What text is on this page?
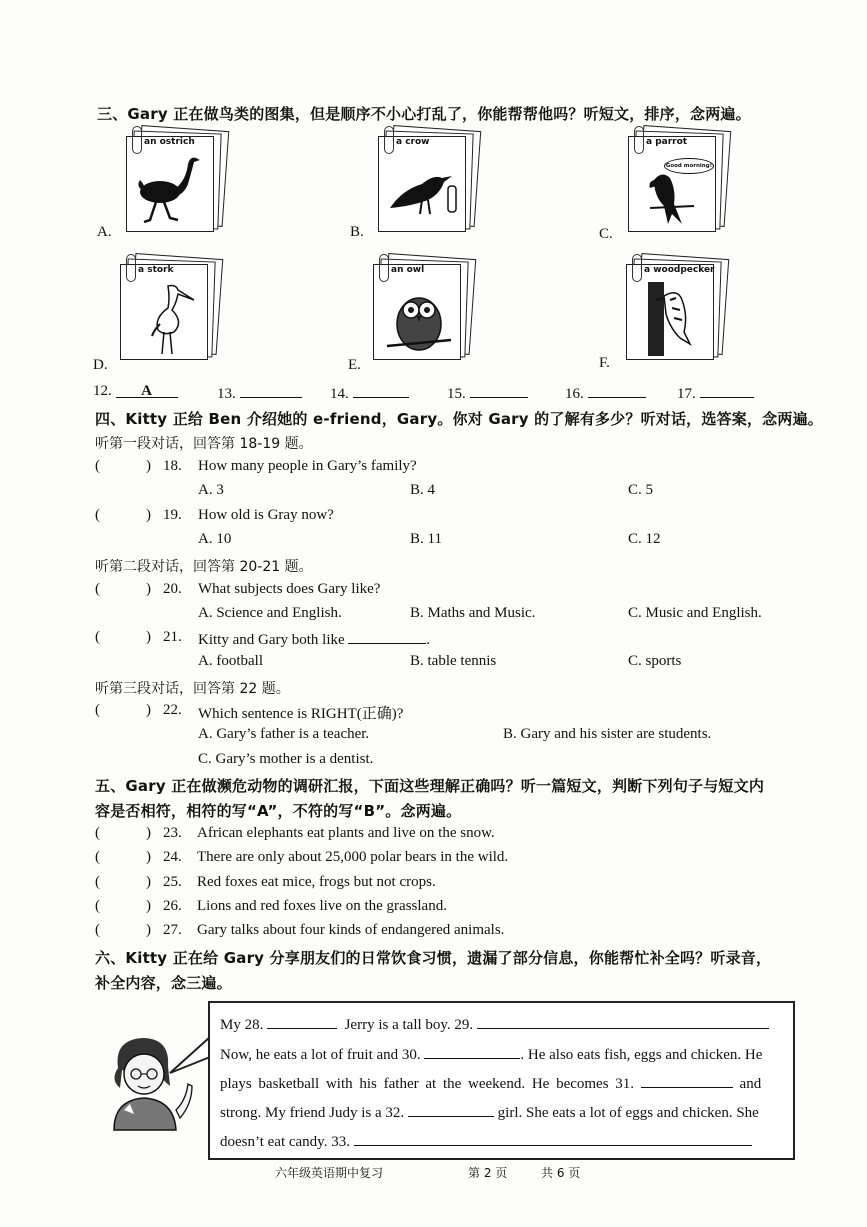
三、Gary 正在做鸟类的图集，但是顺序不小心打乱了，你能帮帮他吗？听短文，排序，念两遍。
an ostrich
A.
a crow
B.
a parrot
Good morning!
C.
a stork
D.
an owl
E.
a woodpecker
F.
12. A	13.	14.	15.	16.	17.
四、Kitty 正给 Ben 介绍她的 e-friend，Gary。你对 Gary 的了解有多少？听对话，选答案，念两遍。
听第一段对话，回答第 18-19 题。
(	) 18. How many people in Gary’s family?
A. 3	B. 4	C. 5
(	) 19. How old is Gray now?
A. 10	B. 11	C. 12
听第二段对话，回答第 20-21 题。
(	) 20. What subjects does Gary like?
A. Science and English.	B. Maths and Music.	C. Music and English.
(	) 21. Kitty and Gary both like	.
A. football	B. table tennis	C. sports
听第三段对话，回答第 22 题。
(	) 22. Which sentence is RIGHT(正确)?
A. Gary’s father is a teacher.	B. Gary and his sister are students.
C. Gary’s mother is a dentist.
五、Gary 正在做濒危动物的调研汇报，下面这些理解正确吗？听一篇短文，判断下列句子与短文内
容是否相符，相符的写“A”，不符的写“B”。念两遍。
(	) 23. African elephants eat plants and live on the snow.
(	) 24. There are only about 25,000 polar bears in the wild.
(	) 25. Red foxes eat mice, frogs but not crops.
(	) 26. Lions and red foxes live on the grassland.
(	) 27. Gary talks about four kinds of endangered animals.
六、Kitty 正在给 Gary 分享朋友们的日常饮食习惯，遗漏了部分信息，你能帮忙补全吗？听录音，
补全内容，念三遍。
My 28.	Jerry is a tall boy. 29.
Now, he eats a lot of fruit and 30.	. He also eats fish, eggs and chicken. He
plays basketball with his father at the weekend. He becomes 31.	and
strong. My friend Judy is a 32.	girl. She eats a lot of eggs and chicken. She
doesn’t eat candy. 33.
六年级英语期中复习	第 2 页	共 6 页
